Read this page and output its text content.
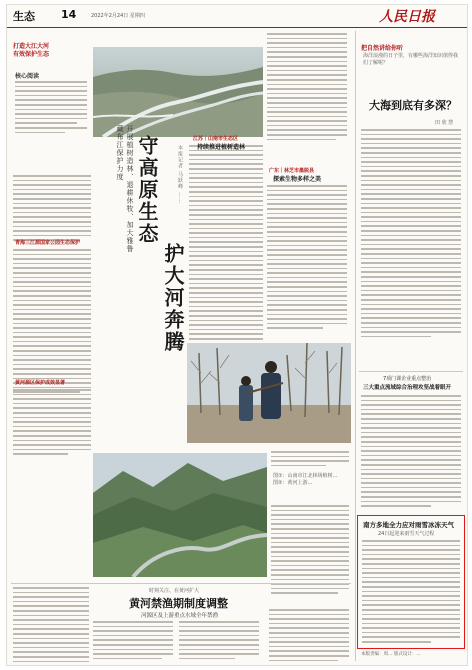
生态 14	2022年2月24日 星期四	人民日报
打造大江大河
有效保护生态
核心阅读
青海三江源国家公园生态保护
黄河源区保护成效显著
开展植树造林、退耕休牧、加大雅鲁藏布江保护力度 守高原生态
护大河奔腾
本报记者 马跃峰 ……
江苏｜山南市生态区
持续推进植树造林
广东｜林芝市墨脱县
探索生物多样之美
图①：山南市江北林场植树…
图②：黄河上游…
把自然讲给你听
海洋浪漫的日子里，有哪些海洋知识值得我们了解呢？
大海到底有多深？
田 欣 慧
7项门课企业重点整治
三大重点流域综合治理攻坚战着眼开
南方多地全力应对雨雪冰冻天气
24日起迎来雨雪天气过程
本版责编：周… 版式设计：…
时刻关注、在黄河扩大
黄河禁渔期制度调整
河源区及上游重点水域全年禁渔
